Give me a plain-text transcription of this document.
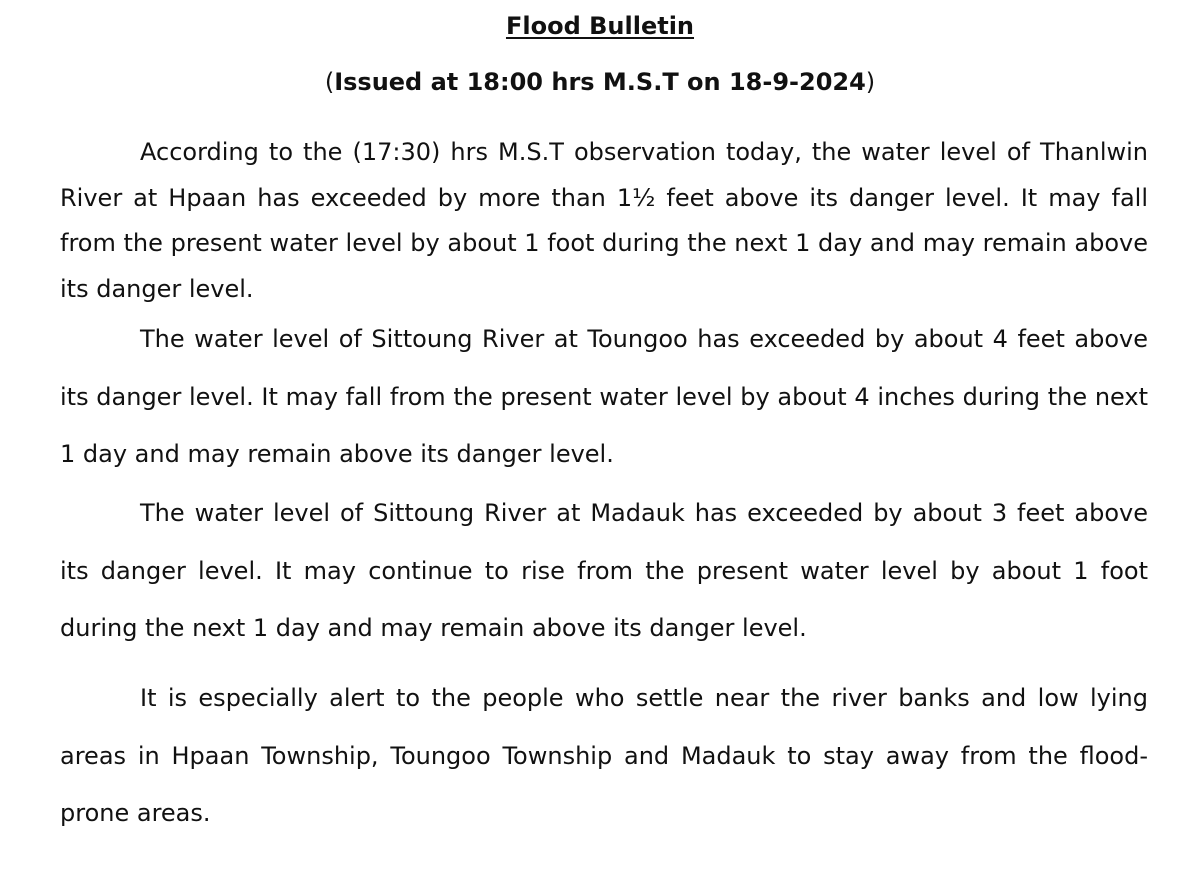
Flood Bulletin

(Issued at 18:00 hrs M.S.T on 18-9-2024)

According to the (17:30) hrs M.S.T observation today, the water level of Thanlwin River at Hpaan has exceeded by more than 1½ feet above its danger level. It may fall from the present water level by about 1 foot during the next 1 day and may remain above its danger level.

The water level of Sittoung River at Toungoo has exceeded by about 4 feet above its danger level. It may fall from the present water level by about 4 inches during the next 1 day and may remain above its danger level.

The water level of Sittoung River at Madauk has exceeded by about 3 feet above its danger level. It may continue to rise from the present water level by about 1 foot during the next 1 day and may remain above its danger level.

It is especially alert to the people who settle near the river banks and low lying areas in Hpaan Township, Toungoo Township and Madauk to stay away from the flood-prone areas.
